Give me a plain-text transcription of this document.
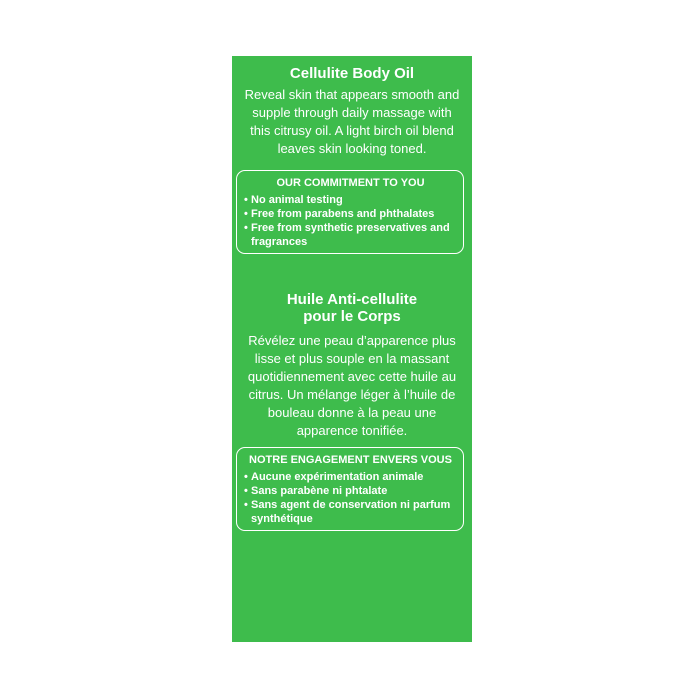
Cellulite Body Oil

Reveal skin that appears smooth and
supple through daily massage with
this citrusy oil. A light birch oil blend
leaves skin looking toned.

OUR COMMITMENT TO YOU
• No animal testing
• Free from parabens and phthalates
• Free from synthetic preservatives and fragrances
Huile Anti-cellulite
pour le Corps

Révélez une peau d’apparence plus
lisse et plus souple en la massant
quotidiennement avec cette huile au
citrus. Un mélange léger à l’huile de
bouleau donne à la peau une
apparence tonifiée.

NOTRE ENGAGEMENT ENVERS VOUS
• Aucune expérimentation animale
• Sans parabène ni phtalate
• Sans agent de conservation ni parfum synthétique
